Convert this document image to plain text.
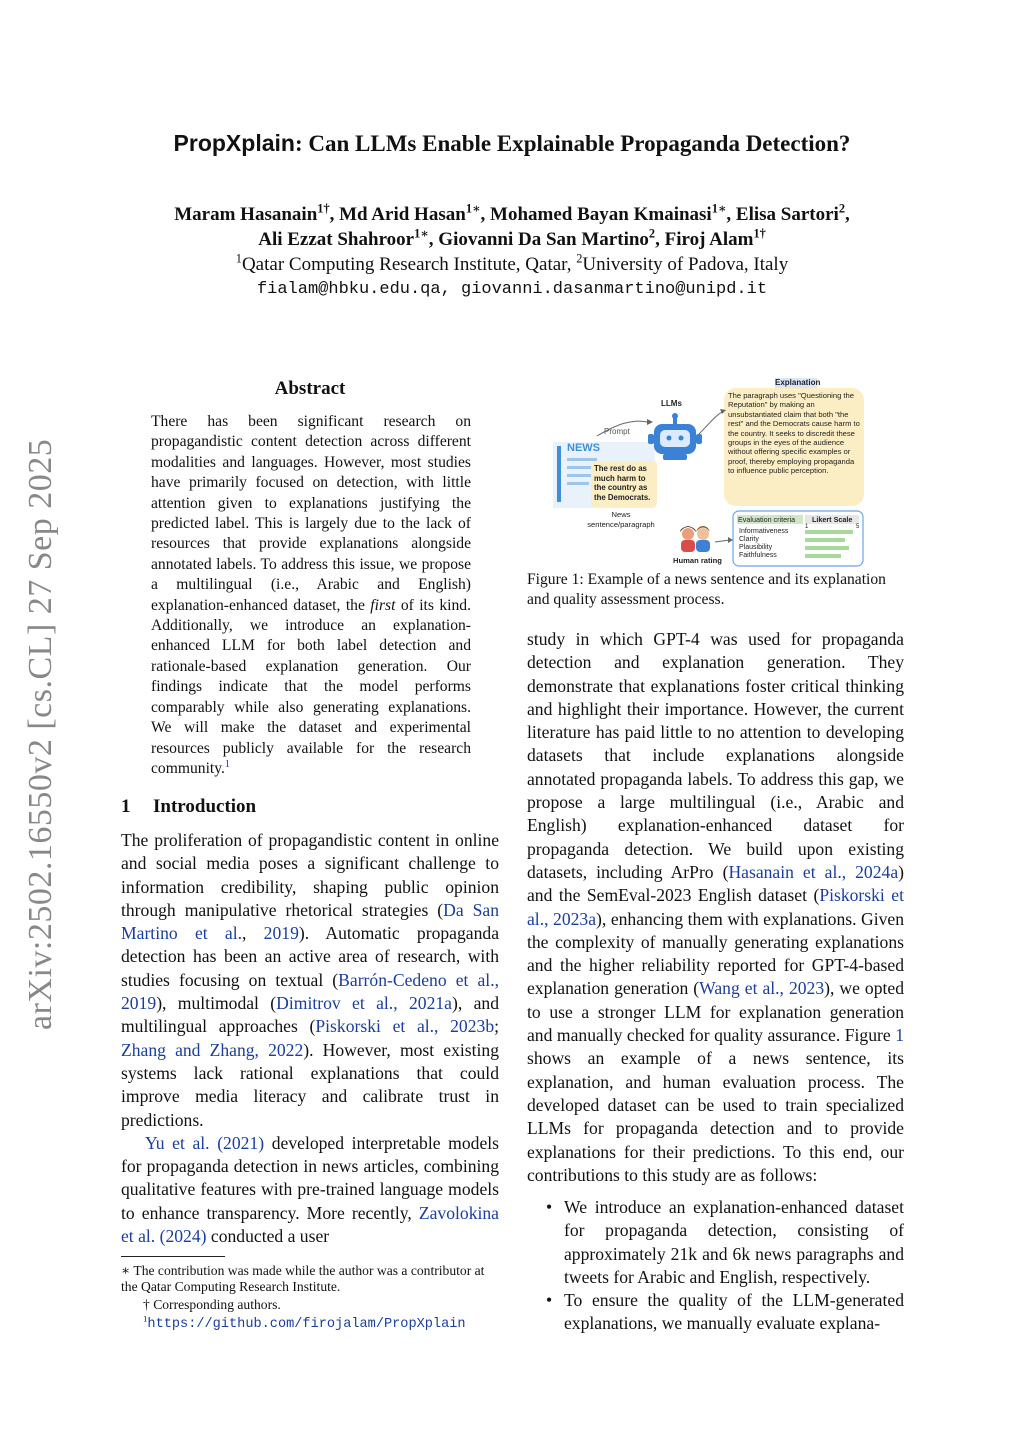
PropXplain: Can LLMs Enable Explainable Propaganda Detection?
Maram Hasanain$^{1\dagger}$, Md Arid Hasan$^{1∗}$, Mohamed Bayan Kmainasi$^{1∗}$, Elisa Sartori$^2$,
Ali Ezzat Shahroor$^{1∗}$, Giovanni Da San Martino$^2$, Firoj Alam$^{1\dagger}$
$^1$Qatar Computing Research Institute, Qatar, $^2$University of Padova, Italy
fialam@hbku.edu.qa, giovanni.dasanmartino@unipd.it
arXiv:2502.16550v2 [cs.CL] 27 Sep 2025
Abstract
There has been significant research on propagandistic content detection across different modalities and languages. However, most studies have primarily focused on detection, with little attention given to explanations justifying the predicted label. This is largely due to the lack of resources that provide explanations alongside annotated labels. To address this issue, we propose a multilingual (i.e., Arabic and English) explanation-enhanced dataset, the first of its kind. Additionally, we introduce an explanation-enhanced LLM for both label detection and rationale-based explanation generation. Our findings indicate that the model performs comparably while also generating explanations. We will make the dataset and experimental resources publicly available for the research community.$^1$
1 Introduction
The proliferation of propagandistic content in online and social media poses a significant challenge to information credibility, shaping public opinion through manipulative rhetorical strategies (Da San Martino et al., 2019). Automatic propaganda detection has been an active area of research, with studies focusing on textual (Barrón-Cedeno et al., 2019), multimodal (Dimitrov et al., 2021a), and multilingual approaches (Piskorski et al., 2023b; Zhang and Zhang, 2022). However, most existing systems lack rational explanations that could improve media literacy and calibrate trust in predictions.
Yu et al. (2021) developed interpretable models for propaganda detection in news articles, combining qualitative features with pre-trained language models to enhance transparency. More recently, Zavolokina et al. (2024) conducted a user
∗ The contribution was made while the author was a contributor at the Qatar Computing Research Institute.
† Corresponding authors.
$^1$https://github.com/firojalam/PropXplain
Explanation
The paragraph uses "Questioning the Reputation" by making an unsubstantiated claim that both "the rest" and the Democrats cause harm to the country. It seeks to discredit these groups in the eyes of the audience without offering specific examples or proof, thereby employing propaganda to influence public perception.
LLMs
Prompt
NEWS
The rest do as much harm to the country as the Democrats.
News sentence/paragraph	Evaluation criteria Likert Scale
1	5
Informativeness
Clarity
Plausibility
Faithfulness
Human rating
Figure 1: Example of a news sentence and its explanation and quality assessment process.
study in which GPT-4 was used for propaganda detection and explanation generation. They demonstrate that explanations foster critical thinking and highlight their importance. However, the current literature has paid little to no attention to developing datasets that include explanations alongside annotated propaganda labels. To address this gap, we propose a large multilingual (i.e., Arabic and English) explanation-enhanced dataset for propaganda detection. We build upon existing datasets, including ArPro (Hasanain et al., 2024a) and the SemEval-2023 English dataset (Piskorski et al., 2023a), enhancing them with explanations. Given the complexity of manually generating explanations and the higher reliability reported for GPT-4-based explanation generation (Wang et al., 2023), we opted to use a stronger LLM for explanation generation and manually checked for quality assurance. Figure 1 shows an example of a news sentence, its explanation, and human evaluation process. The developed dataset can be used to train specialized LLMs for propaganda detection and to provide explanations for their predictions. To this end, our contributions to this study are as follows:
• We introduce an explanation-enhanced dataset for propaganda detection, consisting of approximately 21k and 6k news paragraphs and tweets for Arabic and English, respectively.
• To ensure the quality of the LLM-generated explanations, we manually evaluate explana-
